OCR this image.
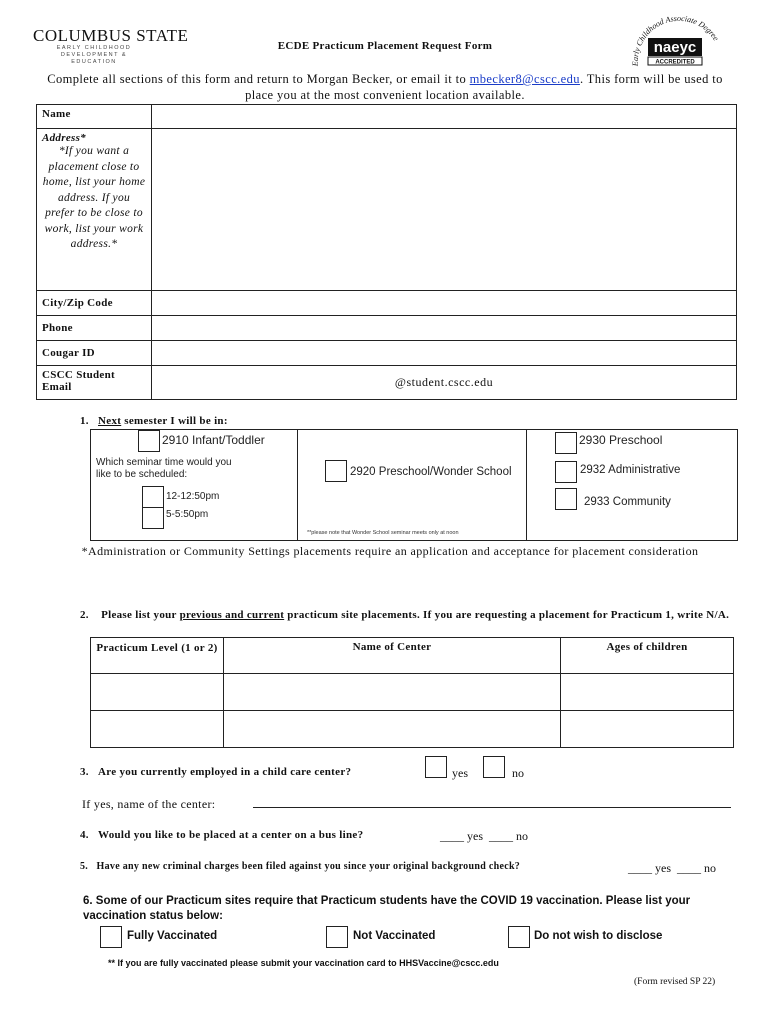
COLUMBUS STATE
EARLY CHILDHOOD
DEVELOPMENT & EDUCATION
ECDE Practicum Placement Request Form
Early Childhood Associate Degree
naeyc
ACCREDITED
Complete all sections of this form and return to Morgan Becker, or email it to mbecker8@cscc.edu. This form will be used to place you at the most convenient location available.
Name	

Address*
*If you want a placement close to home, list your home address. If you prefer to be close to work, list your work address.*	

City/Zip Code	
Phone	
Cougar ID	
CSCC Student Email	@student.cscc.edu
1. Next semester I will be in:
2910 Infant/Toddler
Which seminar time would you like to be scheduled:
12-12:50pm
5-5:50pm
2920 Preschool/Wonder School
**please note that Wonder School seminar meets only at noon
2930 Preschool
2932 Administrative
2933 Community
*Administration or Community Settings placements require an application and acceptance for placement consideration
2. Please list your previous and current practicum site placements. If you are requesting a placement for Practicum 1, write N/A.
Practicum Level (1 or 2)	Name of Center	Ages of children

3. Are you currently employed in a child care center?	yes	no
If yes, name of the center:
4. Would you like to be placed at a center on a bus line?	____ yes  ____ no
5. Have any new criminal charges been filed against you since your original background check?	____ yes  ____ no
6. Some of our Practicum sites require that Practicum students have the COVID 19 vaccination. Please list your vaccination status below:
Fully Vaccinated	Not Vaccinated	Do not wish to disclose
** If you are fully vaccinated please submit your vaccination card to HHSVaccine@cscc.edu
(Form revised SP 22)
